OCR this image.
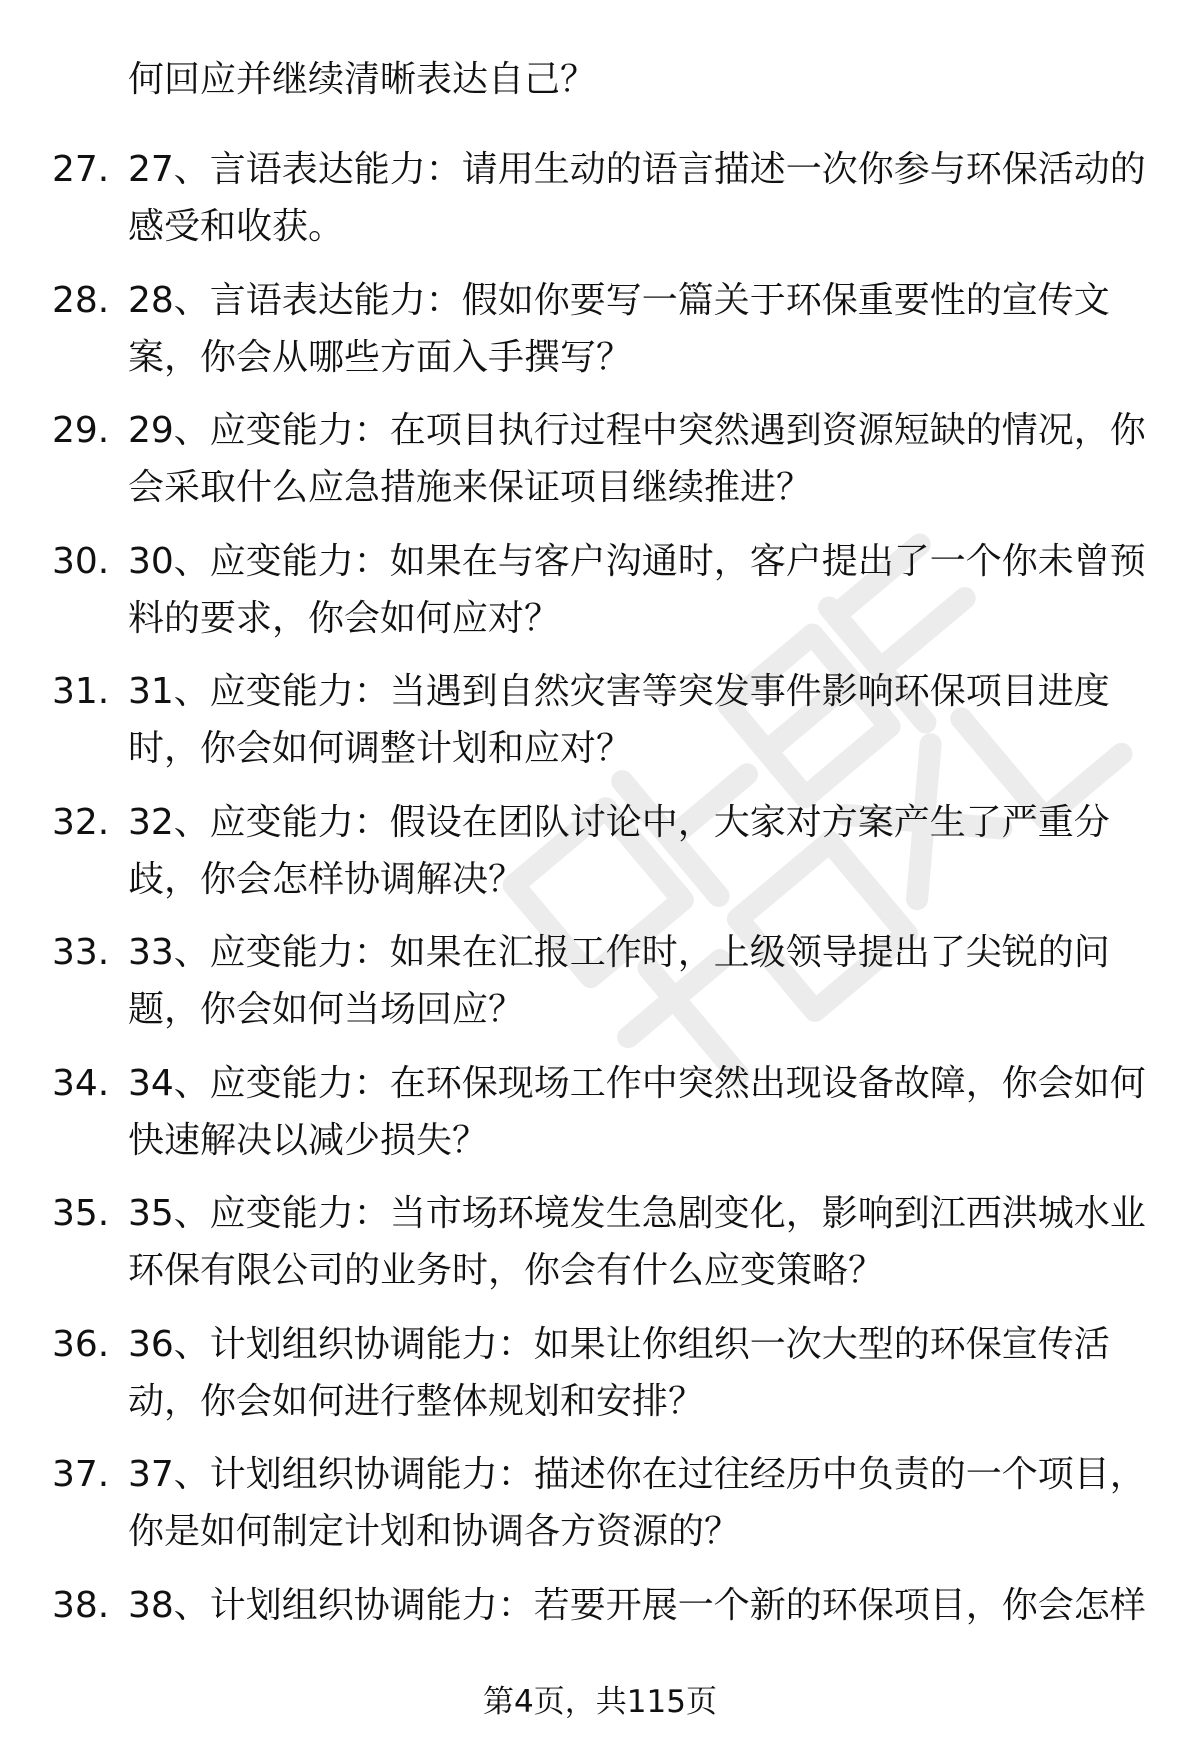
何回应并继续清晰表达自己？
27. 27、言语表达能力：请用生动的语言描述一次你参与环保活动的
感受和收获。
28. 28、言语表达能力：假如你要写一篇关于环保重要性的宣传文
案，你会从哪些方面入手撰写？
29. 29、应变能力：在项目执行过程中突然遇到资源短缺的情况，你
会采取什么应急措施来保证项目继续推进？
30. 30、应变能力：如果在与客户沟通时，客户提出了一个你未曾预
料的要求，你会如何应对？
31. 31、应变能力：当遇到自然灾害等突发事件影响环保项目进度
时，你会如何调整计划和应对？
32. 32、应变能力：假设在团队讨论中，大家对方案产生了严重分
歧，你会怎样协调解决？
33. 33、应变能力：如果在汇报工作时，上级领导提出了尖锐的问
题，你会如何当场回应？
34. 34、应变能力：在环保现场工作中突然出现设备故障，你会如何
快速解决以减少损失？
35. 35、应变能力：当市场环境发生急剧变化，影响到江西洪城水业
环保有限公司的业务时，你会有什么应变策略？
36. 36、计划组织协调能力：如果让你组织一次大型的环保宣传活
动，你会如何进行整体规划和安排？
37. 37、计划组织协调能力：描述你在过往经历中负责的一个项目，
你是如何制定计划和协调各方资源的？
38. 38、计划组织协调能力：若要开展一个新的环保项目，你会怎样
第4页，共115页
